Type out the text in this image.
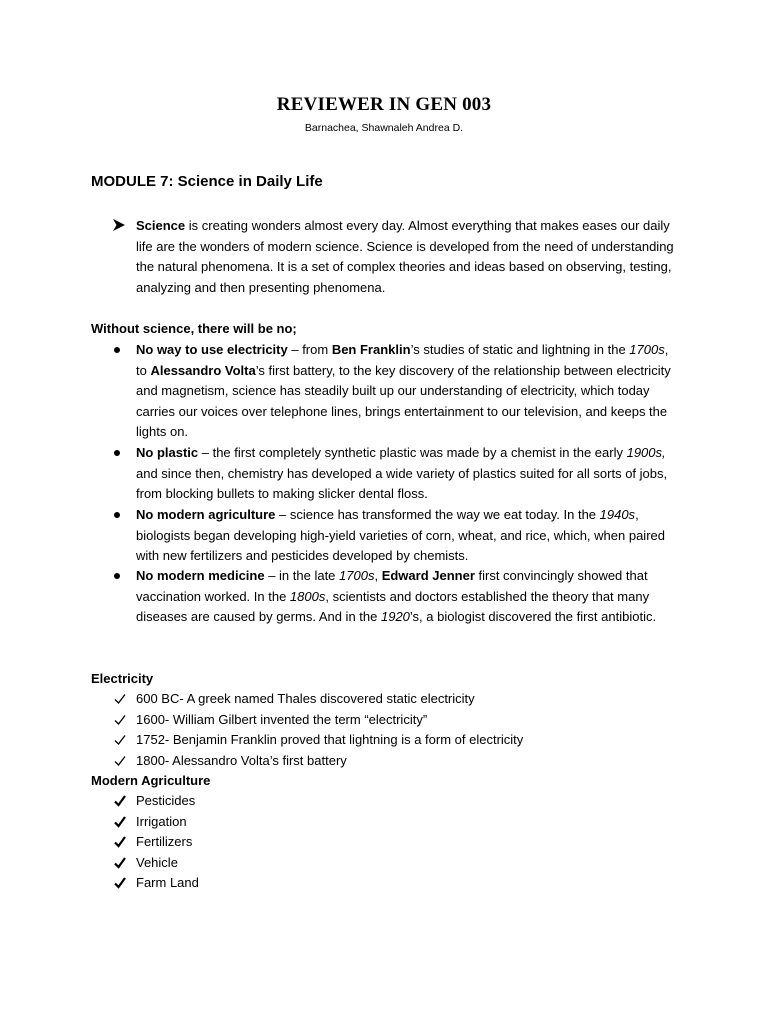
REVIEWER IN GEN 003
Barnachea, Shawnaleh Andrea D.
MODULE 7: Science in Daily Life
Science is creating wonders almost every day. Almost everything that makes eases our daily life are the wonders of modern science. Science is developed from the need of understanding the natural phenomena. It is a set of complex theories and ideas based on observing, testing, analyzing and then presenting phenomena.
Without science, there will be no;
No way to use electricity – from Ben Franklin’s studies of static and lightning in the 1700s, to Alessandro Volta’s first battery, to the key discovery of the relationship between electricity and magnetism, science has steadily built up our understanding of electricity, which today carries our voices over telephone lines, brings entertainment to our television, and keeps the lights on.
No plastic – the first completely synthetic plastic was made by a chemist in the early 1900s, and since then, chemistry has developed a wide variety of plastics suited for all sorts of jobs, from blocking bullets to making slicker dental floss.
No modern agriculture – science has transformed the way we eat today. In the 1940s, biologists began developing high-yield varieties of corn, wheat, and rice, which, when paired with new fertilizers and pesticides developed by chemists.
No modern medicine – in the late 1700s, Edward Jenner first convincingly showed that vaccination worked. In the 1800s, scientists and doctors established the theory that many diseases are caused by germs. And in the 1920’s, a biologist discovered the first antibiotic.
Electricity
600 BC- A greek named Thales discovered static electricity
1600- William Gilbert invented the term “electricity”
1752- Benjamin Franklin proved that lightning is a form of electricity
1800- Alessandro Volta’s first battery
Modern Agriculture
Pesticides
Irrigation
Fertilizers
Vehicle
Farm Land
